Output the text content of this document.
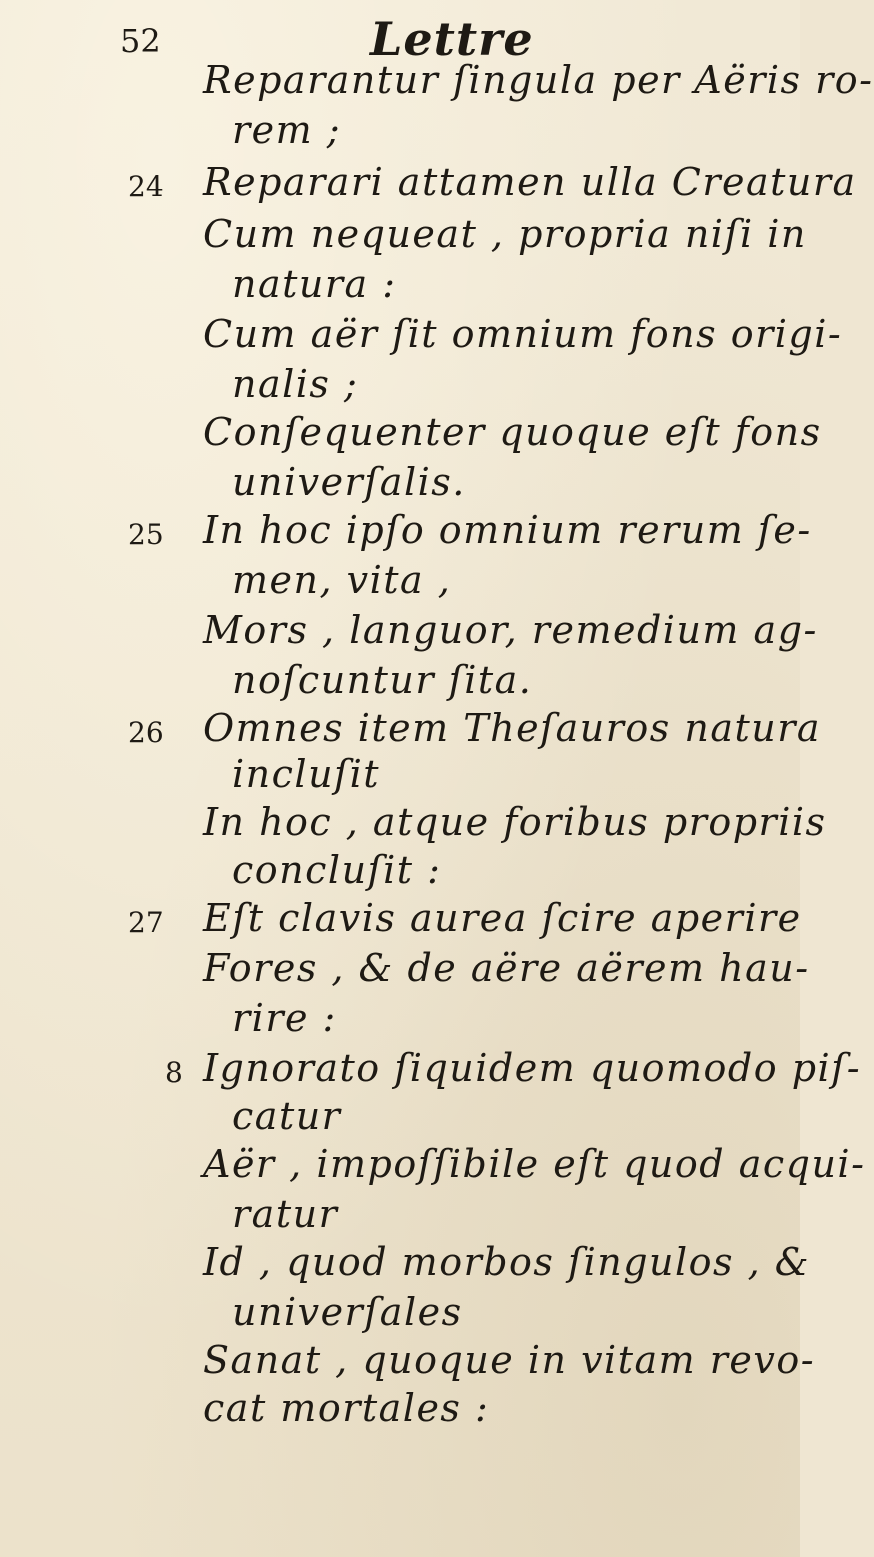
52	Lettre
Reparantur ſingula per Aëris ro-
rem ;
24 Reparari attamen ulla Creatura
Cum nequeat , propria niſi in
natura :
Cum aër ſit omnium fons origi-
nalis ;
Conſequenter quoque eſt fons
univerſalis.
25 In hoc ipſo omnium rerum ſe-
men, vita ,
Mors , languor, remedium ag-
noſcuntur ſita.
26 Omnes item Theſauros natura
incluſit
In hoc , atque foribus propriis
concluſit :
27 Eſt clavis aurea ſcire aperire
Fores , & de aëre aërem hau-
rire :
8 Ignorato ſiquidem quomodo piſ-
catur
Aër , impoſſibile eſt quod acqui-
ratur
Id , quod morbos ſingulos , &
univerſales
Sanat , quoque in vitam revo-
cat mortales :
